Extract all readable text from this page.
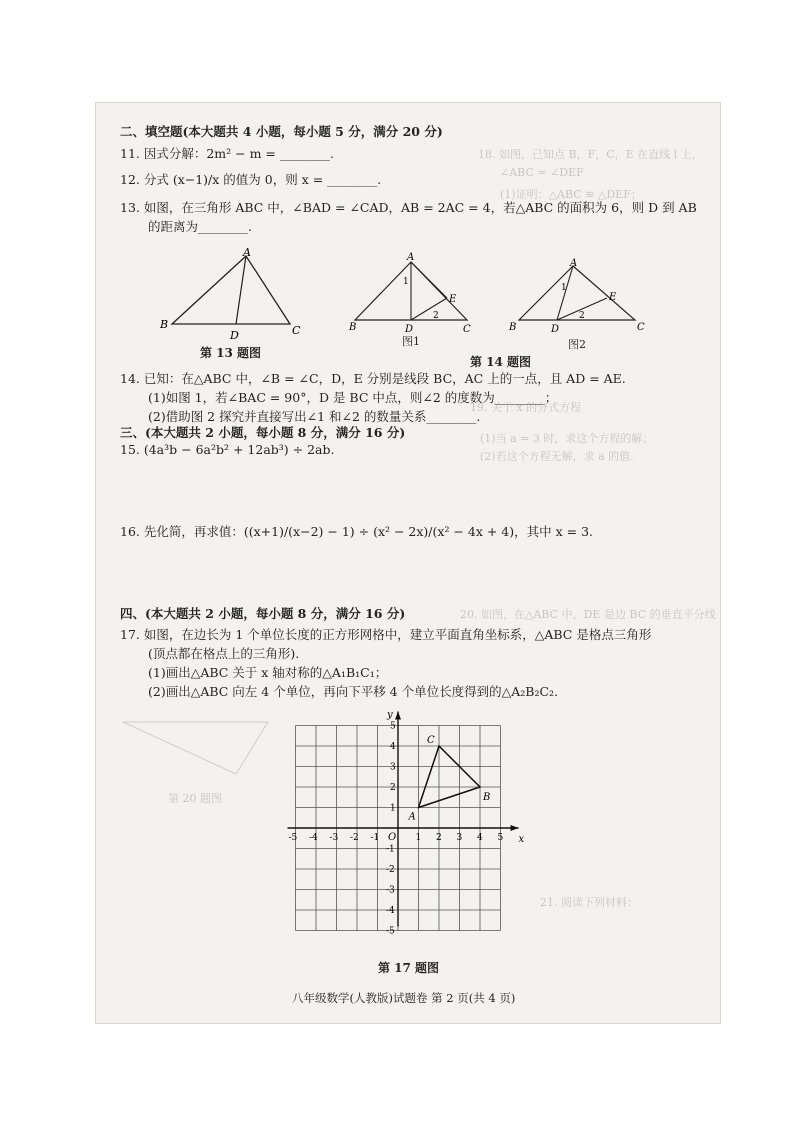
18. 如图，已知点 B，F，C，E 在直线 l 上，
∠ABC = ∠DEF
(1)证明：△ABC ≌ △DEF；
19. 关于 x 的分式方程
(1)当 a = 3 时，求这个方程的解；
(2)若这个方程无解，求 a 的值.
20. 如图，在△ABC 中，DE 是边 BC 的垂直平分线
21. 阅读下列材料：
第 20 题图
二、填空题(本大题共 4 小题，每小题 5 分，满分 20 分)
11. 因式分解：2m² − m = ________.
12. 分式 (x−1)/x 的值为 0，则 x = ________.
13. 如图，在三角形 ABC 中，∠BAD = ∠CAD，AB = 2AC = 4，若△ABC 的面积为 6，则 D 到 AB
的距离为________.
A
B	C
D
第 13 题图
A
1
2
E
B	D	C
图1
A
1
2
E
B	D	C
图2
第 14 题图
14. 已知：在△ABC 中，∠B = ∠C，D，E 分别是线段 BC，AC 上的一点，且 AD = AE.
(1)如图 1，若∠BAC = 90°，D 是 BC 中点，则∠2 的度数为________；
(2)借助图 2 探究并直接写出∠1 和∠2 的数量关系________.
三、(本大题共 2 小题，每小题 8 分，满分 16 分)
15. (4a³b − 6a²b² + 12ab³) ÷ 2ab.
16. 先化简，再求值：((x+1)/(x−2) − 1) ÷ (x² − 2x)/(x² − 4x + 4)，其中 x = 3.
四、(本大题共 2 小题，每小题 8 分，满分 16 分)
17. 如图，在边长为 1 个单位长度的正方形网格中，建立平面直角坐标系，△ABC 是格点三角形
(顶点都在格点上的三角形).
(1)画出△ABC 关于 x 轴对称的△A₁B₁C₁；
(2)画出△ABC 向左 4 个单位，再向下平移 4 个单位长度得到的△A₂B₂C₂.
x
y
O
-5 -4 -3 -2 -1	1 2 3 4 5
-5
-4
-3
-2
-1
1
2
3
4
5
A
B
C
第 17 题图
八年级数学(人教版)试题卷 第 2 页(共 4 页)
